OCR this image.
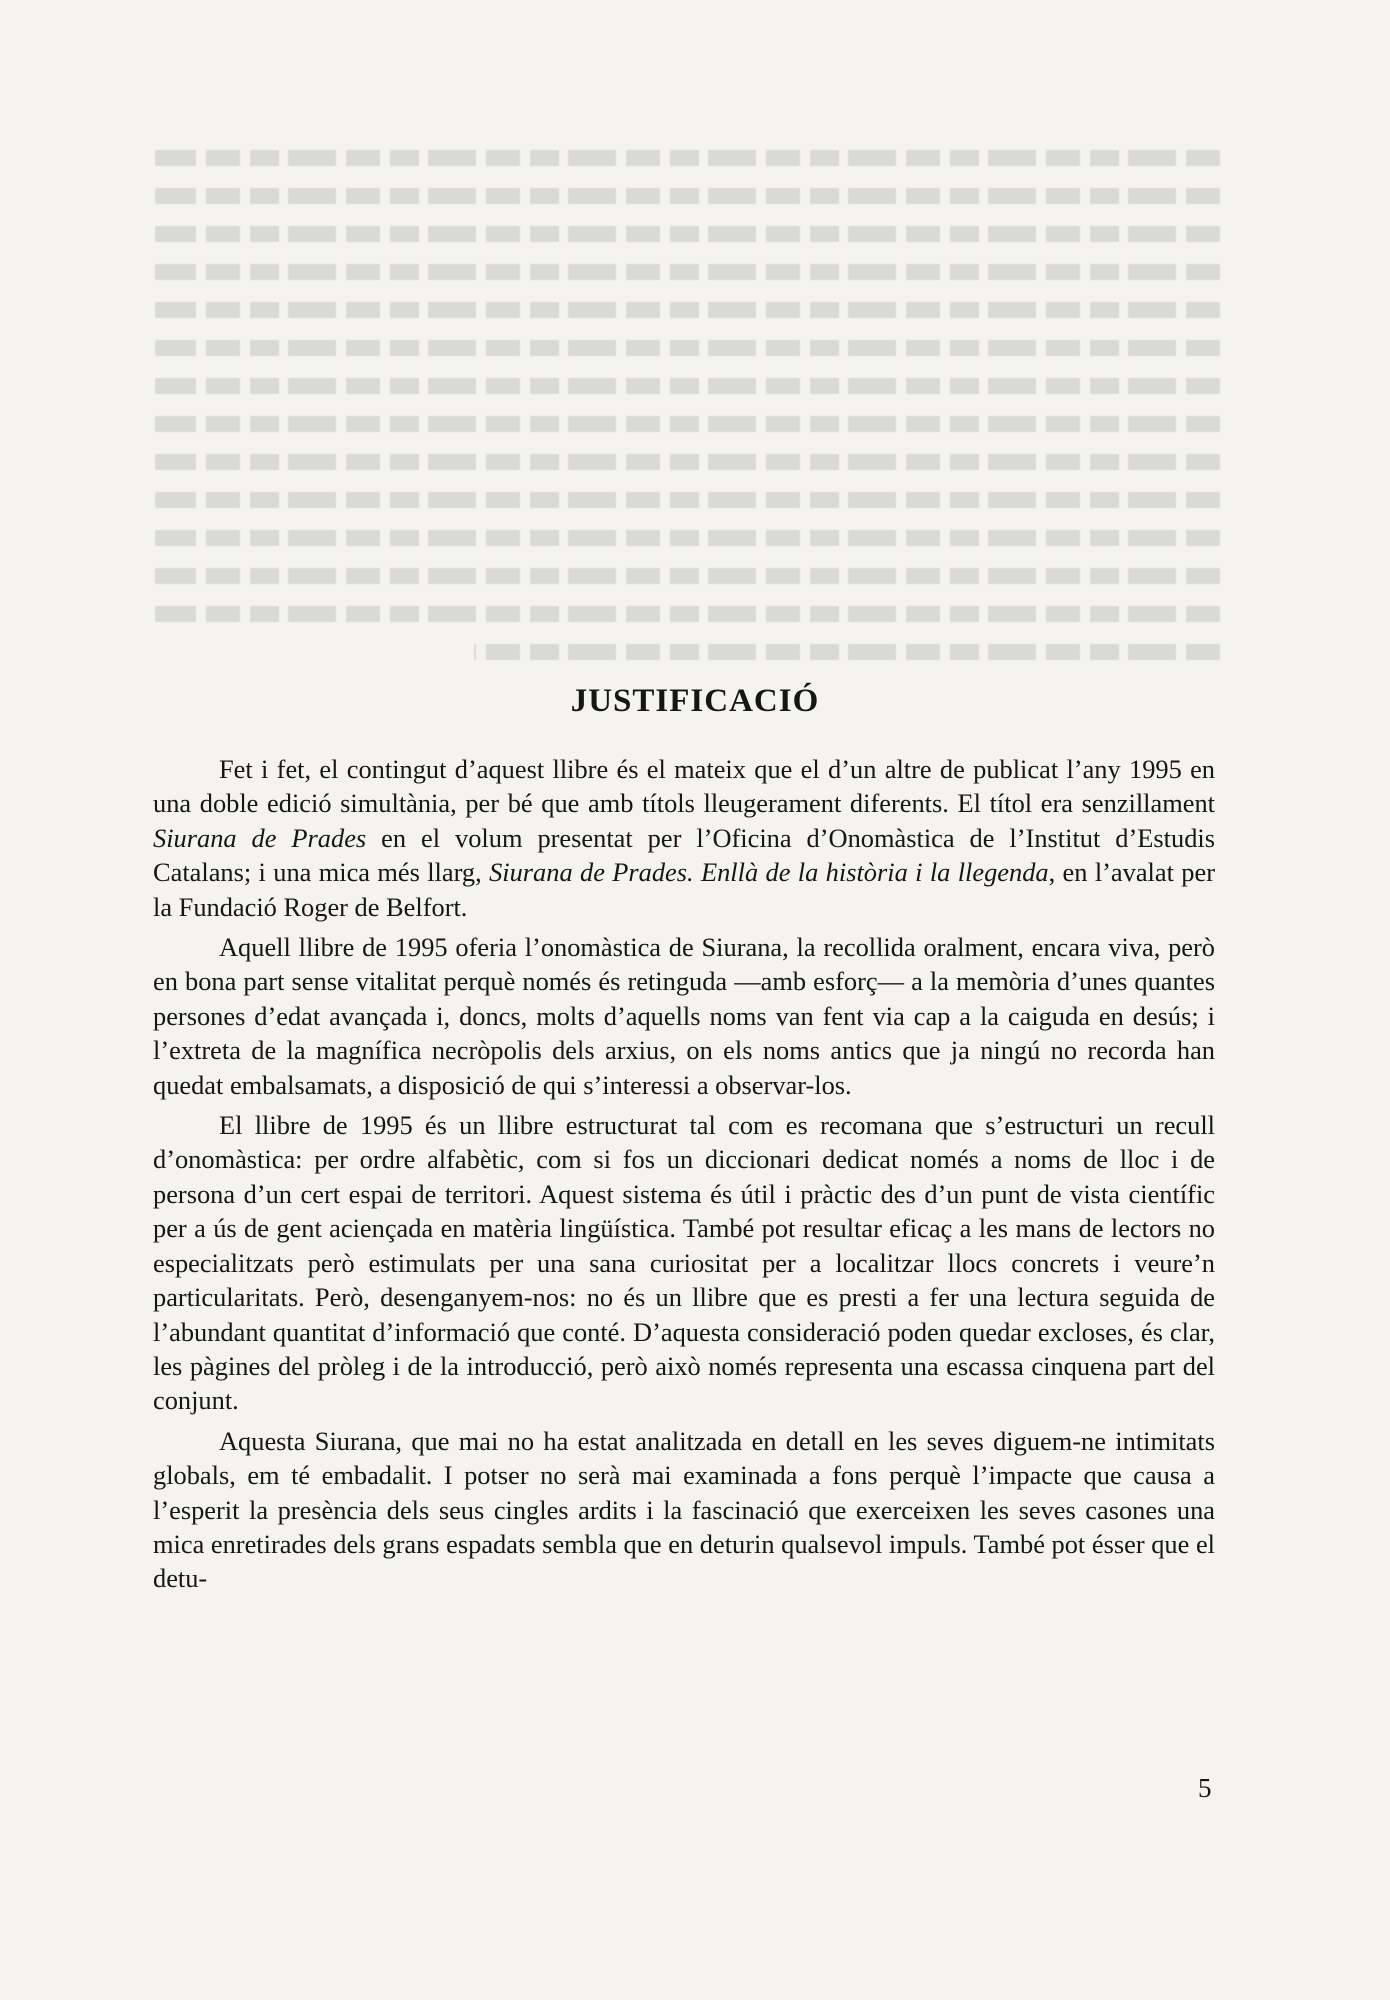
JUSTIFICACIÓ

Fet i fet, el contingut d’aquest llibre és el mateix que el d’un altre de publicat l’any 1995 en una doble edició simultània, per bé que amb títols lleugerament diferents. El títol era senzillament Siurana de Prades en el volum presentat per l’Oficina d’Onomàstica de l’Institut d’Estudis Catalans; i una mica més llarg, Siurana de Prades. Enllà de la història i la llegenda, en l’avalat per la Fundació Roger de Belfort.

Aquell llibre de 1995 oferia l’onomàstica de Siurana, la recollida oralment, encara viva, però en bona part sense vitalitat perquè només és retinguda —amb esforç— a la memòria d’unes quantes persones d’edat avançada i, doncs, molts d’aquells noms van fent via cap a la caiguda en desús; i l’extreta de la magnífica necròpolis dels arxius, on els noms antics que ja ningú no recorda han quedat embalsamats, a disposició de qui s’interessi a observar-los.

El llibre de 1995 és un llibre estructurat tal com es recomana que s’estructuri un recull d’onomàstica: per ordre alfabètic, com si fos un diccionari dedicat només a noms de lloc i de persona d’un cert espai de territori. Aquest sistema és útil i pràctic des d’un punt de vista científic per a ús de gent aciençada en matèria lingüística. També pot resultar eficaç a les mans de lectors no especialitzats però estimulats per una sana curiositat per a localitzar llocs concrets i veure’n particularitats. Però, desenganyem-nos: no és un llibre que es presti a fer una lectura seguida de l’abundant quantitat d’informació que conté. D’aquesta consideració poden quedar excloses, és clar, les pàgines del pròleg i de la introducció, però això només representa una escassa cinquena part del conjunt.

Aquesta Siurana, que mai no ha estat analitzada en detall en les seves diguem-ne intimitats globals, em té embadalit. I potser no serà mai examinada a fons perquè l’impacte que causa a l’esperit la presència dels seus cingles ardits i la fascinació que exerceixen les seves casones una mica enretirades dels grans espadats sembla que en deturin qualsevol impuls. També pot ésser que el detu-

5
